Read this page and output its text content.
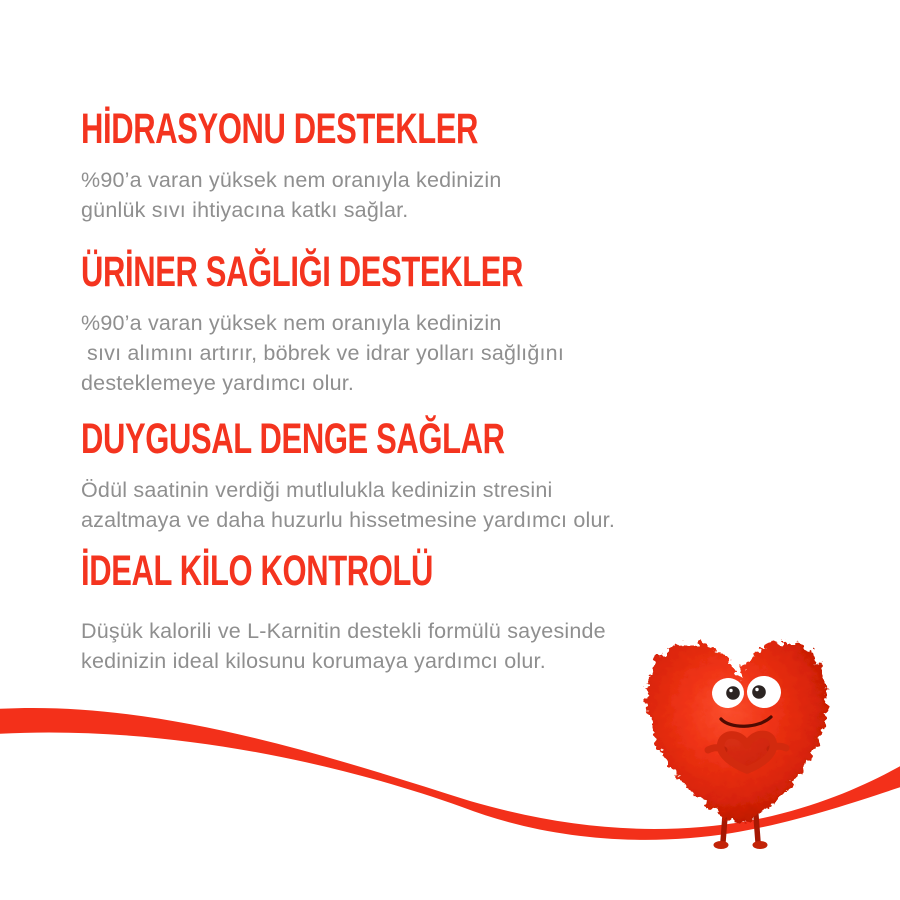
HİDRASYONU DESTEKLER
%90’a varan yüksek nem oranıyla kedinizin
günlük sıvı ihtiyacına katkı sağlar.
ÜRİNER SAĞLIĞI DESTEKLER
%90’a varan yüksek nem oranıyla kedinizin
sıvı alımını artırır, böbrek ve idrar yolları sağlığını
desteklemeye yardımcı olur.
DUYGUSAL DENGE SAĞLAR
Ödül saatinin verdiği mutlulukla kedinizin stresini
azaltmaya ve daha huzurlu hissetmesine yardımcı olur.
İDEAL KİLO KONTROLÜ
Düşük kalorili ve L-Karnitin destekli formülü sayesinde
kedinizin ideal kilosunu korumaya yardımcı olur.
